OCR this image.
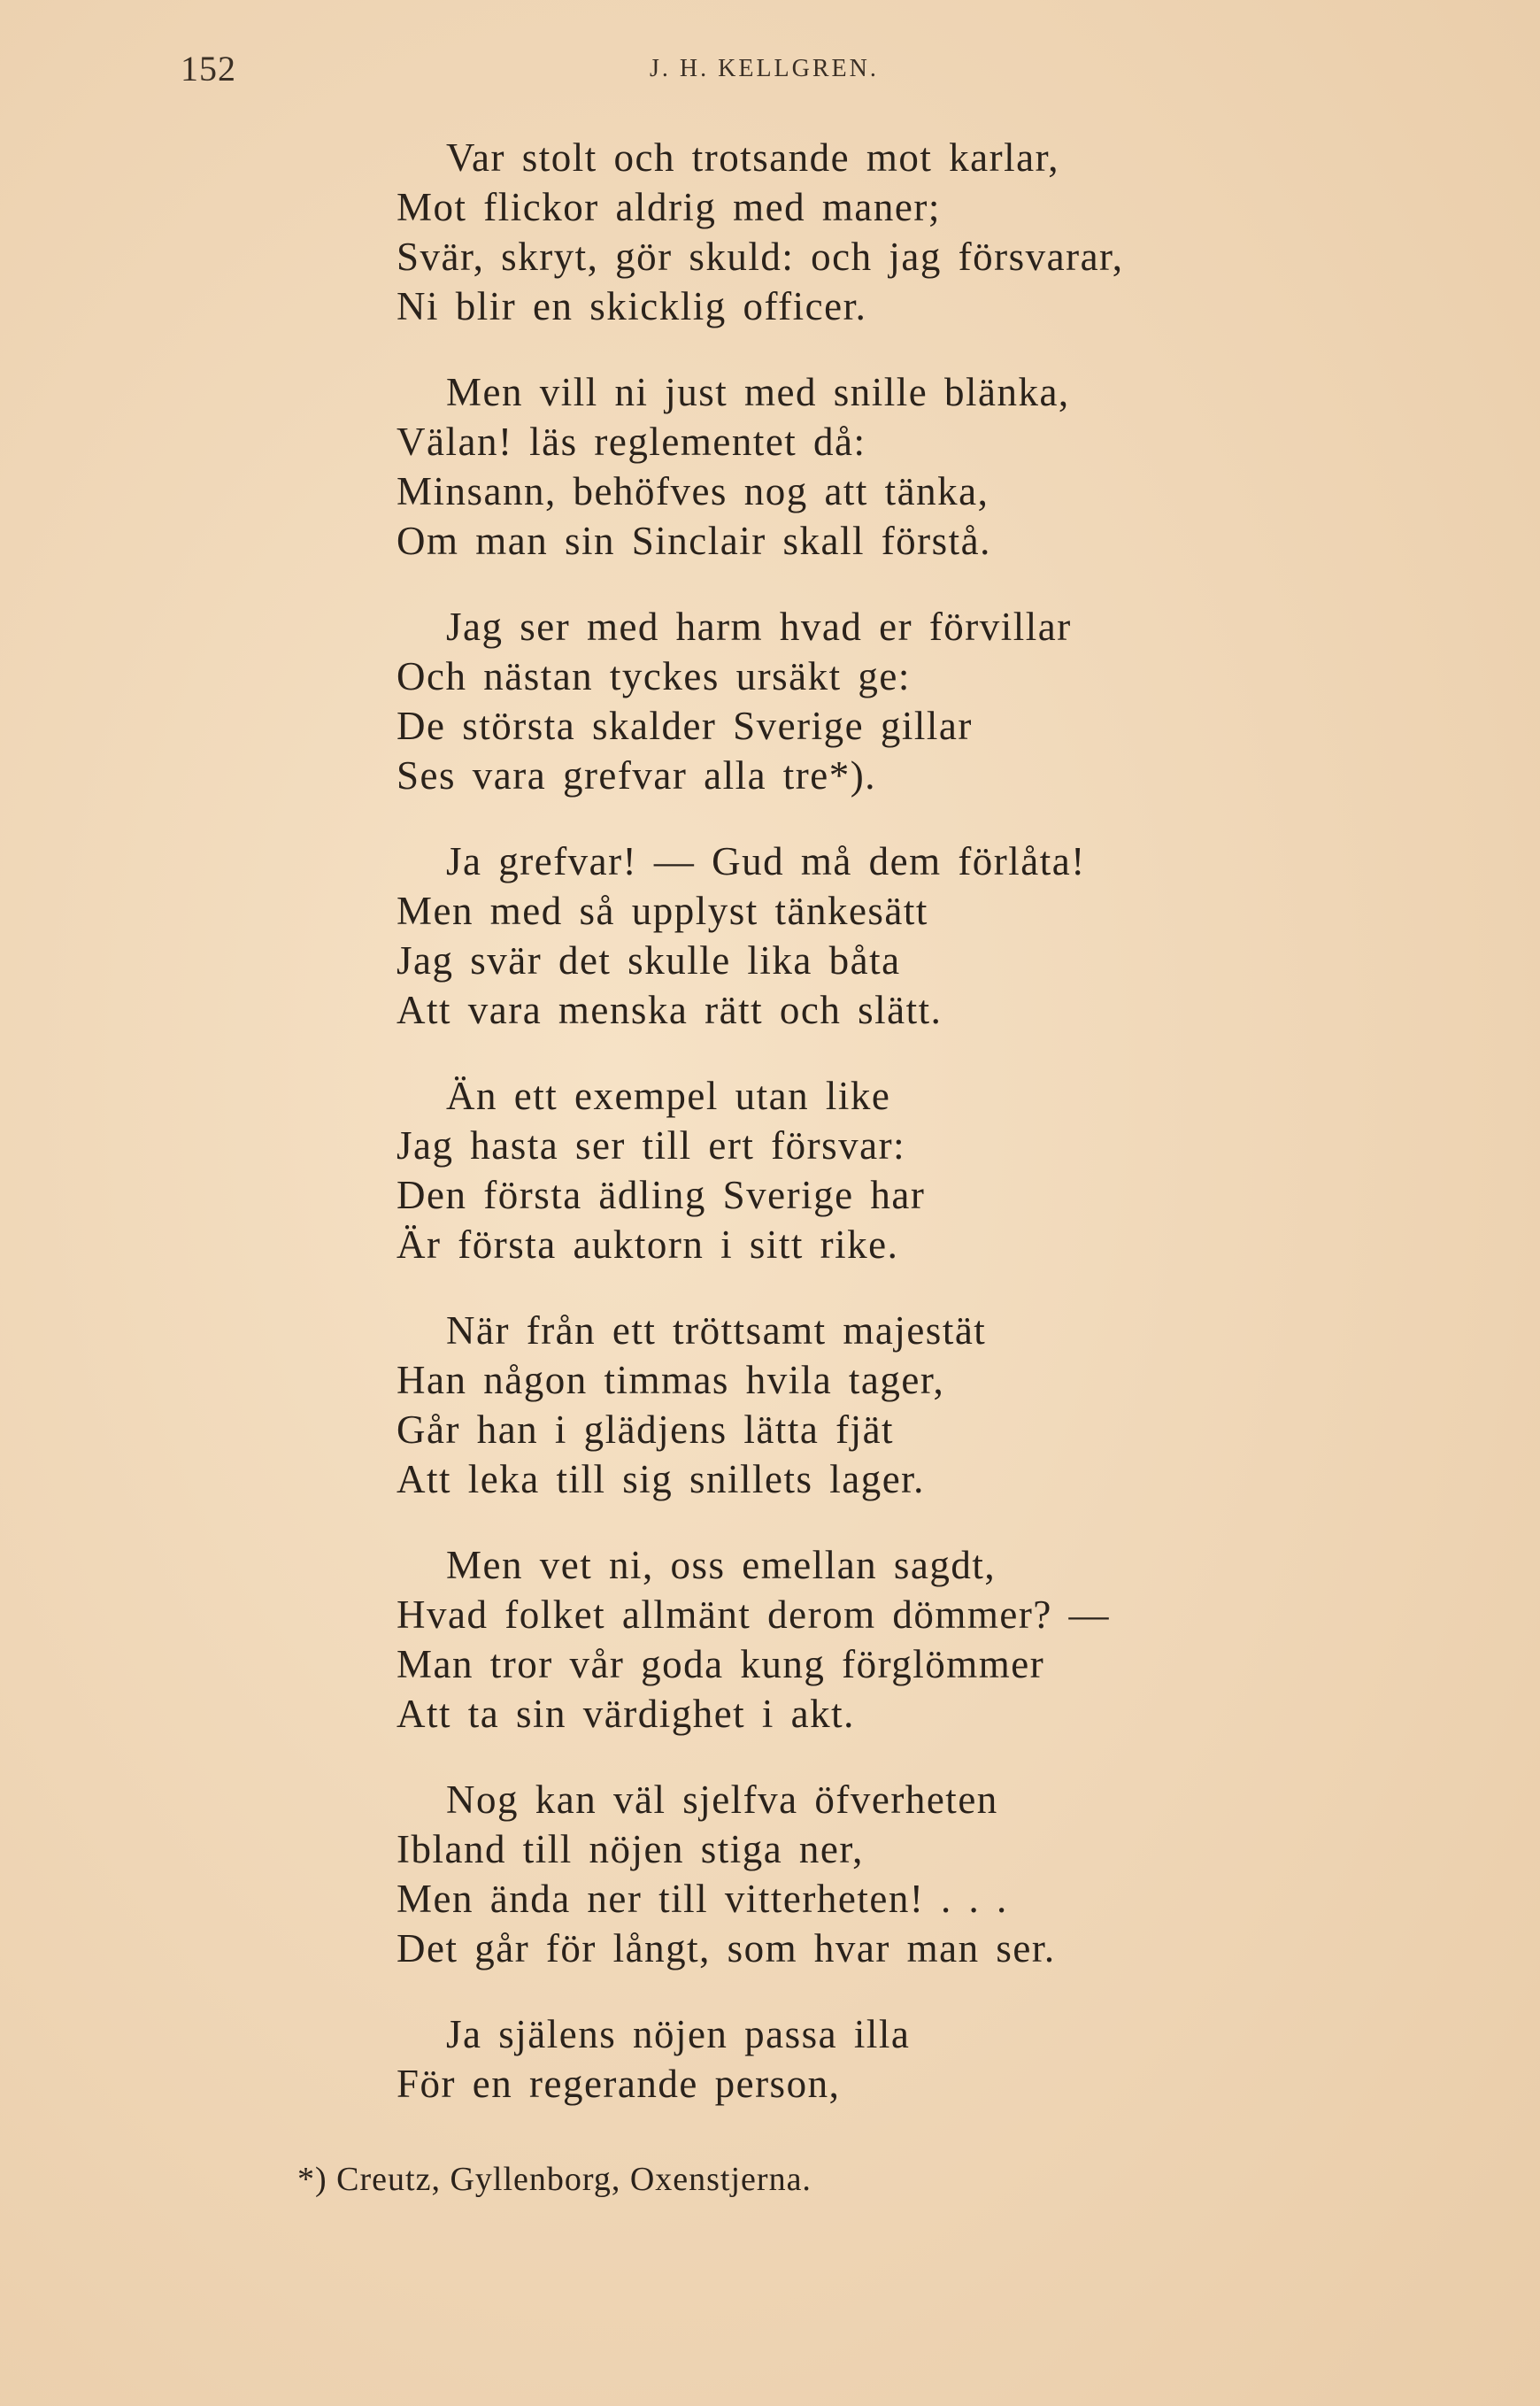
152	J. H. KELLGREN.
Var stolt och trotsande mot karlar,
Mot flickor aldrig med maner;
Svär, skryt, gör skuld: och jag försvarar,
Ni blir en skicklig officer.
Men vill ni just med snille blänka,
Välan! läs reglementet då:
Minsann, behöfves nog att tänka,
Om man sin Sinclair skall förstå.
Jag ser med harm hvad er förvillar
Och nästan tyckes ursäkt ge:
De största skalder Sverige gillar
Ses vara grefvar alla tre*).
Ja grefvar! — Gud må dem förlåta!
Men med så upplyst tänkesätt
Jag svär det skulle lika båta
Att vara menska rätt och slätt.
Än ett exempel utan like
Jag hasta ser till ert försvar:
Den första ädling Sverige har
Är första auktorn i sitt rike.
När från ett tröttsamt majestät
Han någon timmas hvila tager,
Går han i glädjens lätta fjät
Att leka till sig snillets lager.
Men vet ni, oss emellan sagdt,
Hvad folket allmänt derom dömmer? —
Man tror vår goda kung förglömmer
Att ta sin värdighet i akt.
Nog kan väl sjelfva öfverheten
Ibland till nöjen stiga ner,
Men ända ner till vitterheten! . . .
Det går för långt, som hvar man ser.
Ja själens nöjen passa illa
För en regerande person,
*) Creutz, Gyllenborg, Oxenstjerna.
